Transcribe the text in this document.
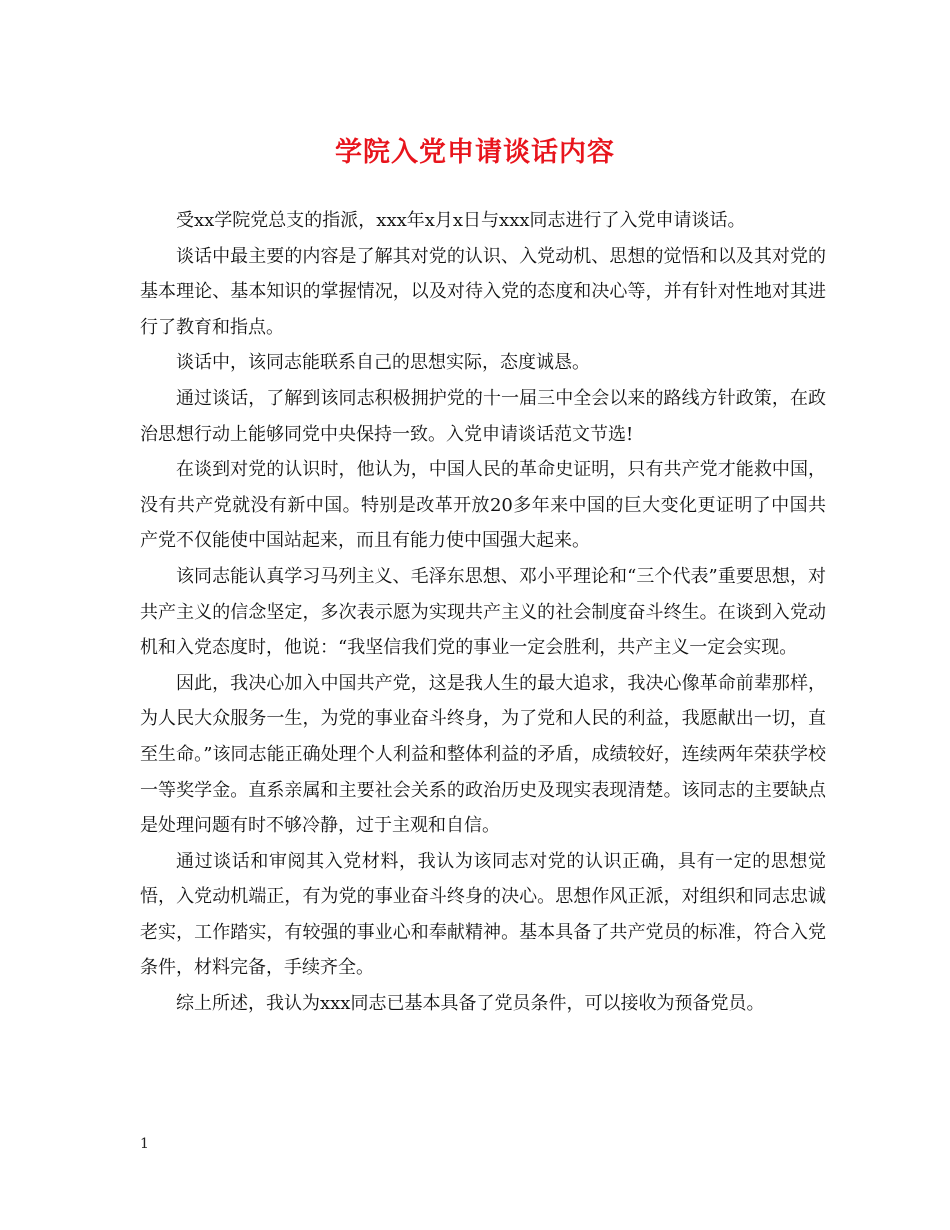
学院入党申请谈话内容

受xx学院党总支的指派，xxx年x月x日与xxx同志进行了入党申请谈话。

谈话中最主要的内容是了解其对党的认识、入党动机、思想的觉悟和以及其对党的基本理论、基本知识的掌握情况，以及对待入党的态度和决心等，并有针对性地对其进行了教育和指点。

谈话中，该同志能联系自己的思想实际，态度诚恳。

通过谈话，了解到该同志积极拥护党的十一届三中全会以来的路线方针政策，在政治思想行动上能够同党中央保持一致。入党申请谈话范文节选!

在谈到对党的认识时，他认为，中国人民的革命史证明，只有共产党才能救中国，没有共产党就没有新中国。特别是改革开放20多年来中国的巨大变化更证明了中国共产党不仅能使中国站起来，而且有能力使中国强大起来。

该同志能认真学习马列主义、毛泽东思想、邓小平理论和“三个代表”重要思想，对共产主义的信念坚定，多次表示愿为实现共产主义的社会制度奋斗终生。在谈到入党动机和入党态度时，他说：“我坚信我们党的事业一定会胜利，共产主义一定会实现。

因此，我决心加入中国共产党，这是我人生的最大追求，我决心像革命前辈那样，为人民大众服务一生，为党的事业奋斗终身，为了党和人民的利益，我愿献出一切，直至生命。”该同志能正确处理个人利益和整体利益的矛盾，成绩较好，连续两年荣获学校一等奖学金。直系亲属和主要社会关系的政治历史及现实表现清楚。该同志的主要缺点是处理问题有时不够冷静，过于主观和自信。

通过谈话和审阅其入党材料，我认为该同志对党的认识正确，具有一定的思想觉悟，入党动机端正，有为党的事业奋斗终身的决心。思想作风正派，对组织和同志忠诚老实，工作踏实，有较强的事业心和奉献精神。基本具备了共产党员的标准，符合入党条件，材料完备，手续齐全。

综上所述，我认为xxx同志已基本具备了党员条件，可以接收为预备党员。

1
